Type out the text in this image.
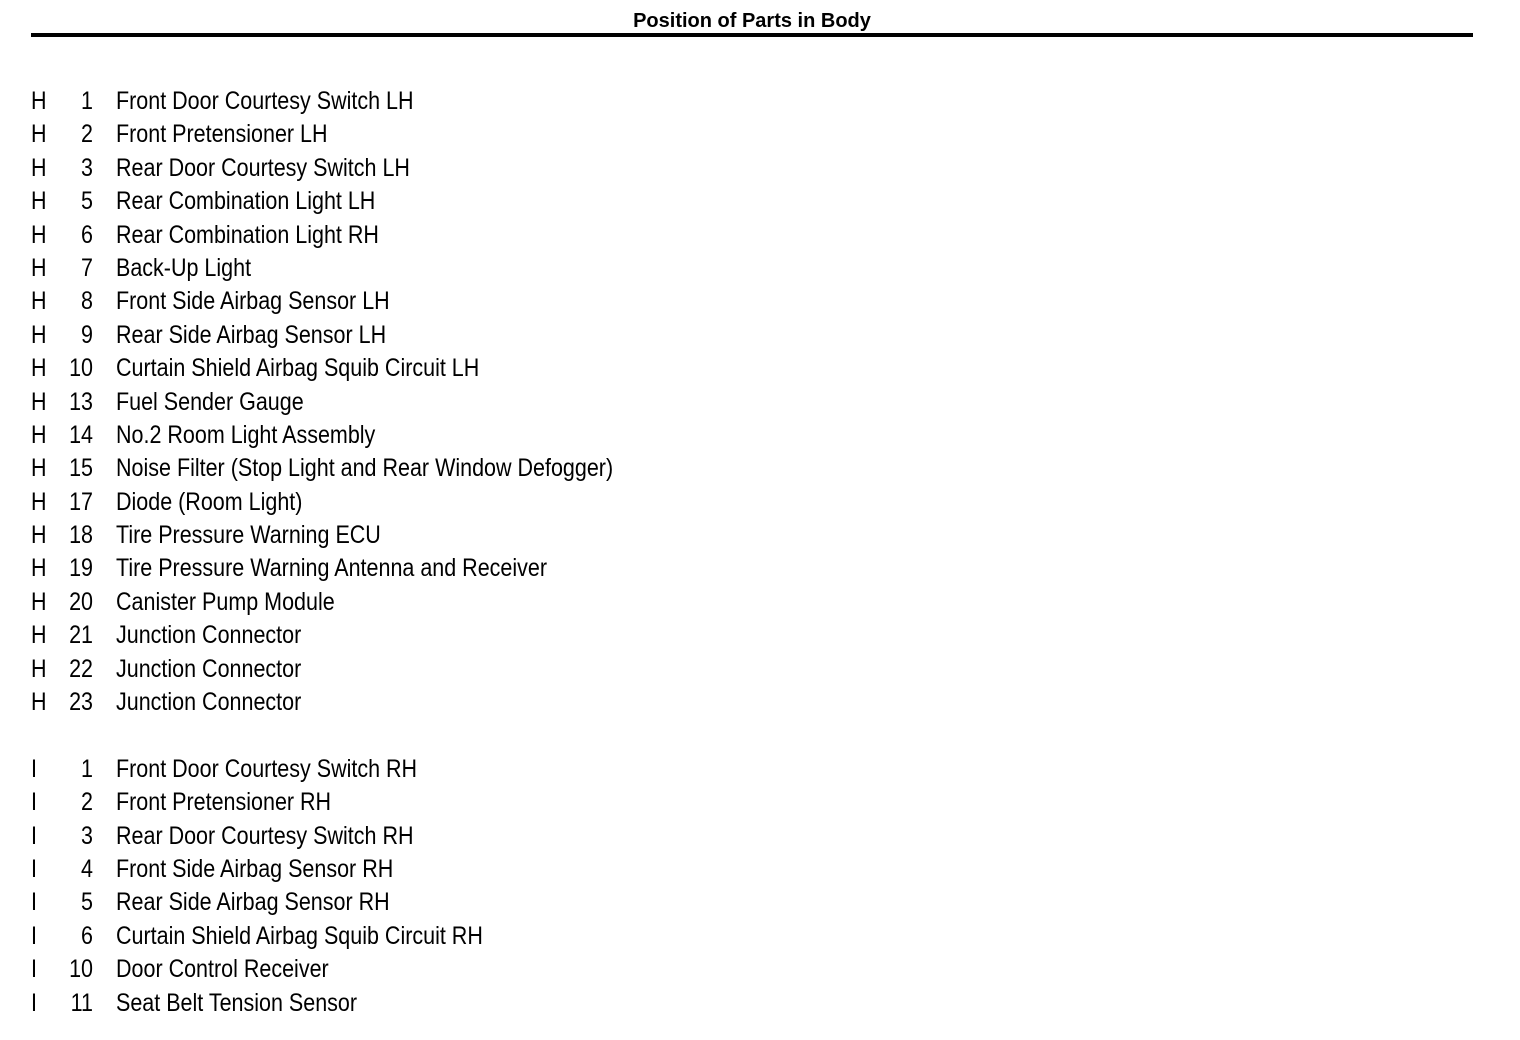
Position of Parts in Body
H	1 Front Door Courtesy Switch LH
H	2 Front Pretensioner LH
H	3 Rear Door Courtesy Switch LH
H	5 Rear Combination Light LH
H	6 Rear Combination Light RH
H	7 Back-Up Light
H	8 Front Side Airbag Sensor LH
H	9 Rear Side Airbag Sensor LH
H 10 Curtain Shield Airbag Squib Circuit LH
H 13 Fuel Sender Gauge
H 14 No.2 Room Light Assembly
H 15 Noise Filter (Stop Light and Rear Window Defogger)
H 17 Diode (Room Light)
H 18 Tire Pressure Warning ECU
H 19 Tire Pressure Warning Antenna and Receiver
H 20 Canister Pump Module
H 21 Junction Connector
H 22 Junction Connector
H 23 Junction Connector
I	1 Front Door Courtesy Switch RH
I	2 Front Pretensioner RH
I	3 Rear Door Courtesy Switch RH
I	4 Front Side Airbag Sensor RH
I	5 Rear Side Airbag Sensor RH
I	6 Curtain Shield Airbag Squib Circuit RH
I	10 Door Control Receiver
I	11 Seat Belt Tension Sensor
